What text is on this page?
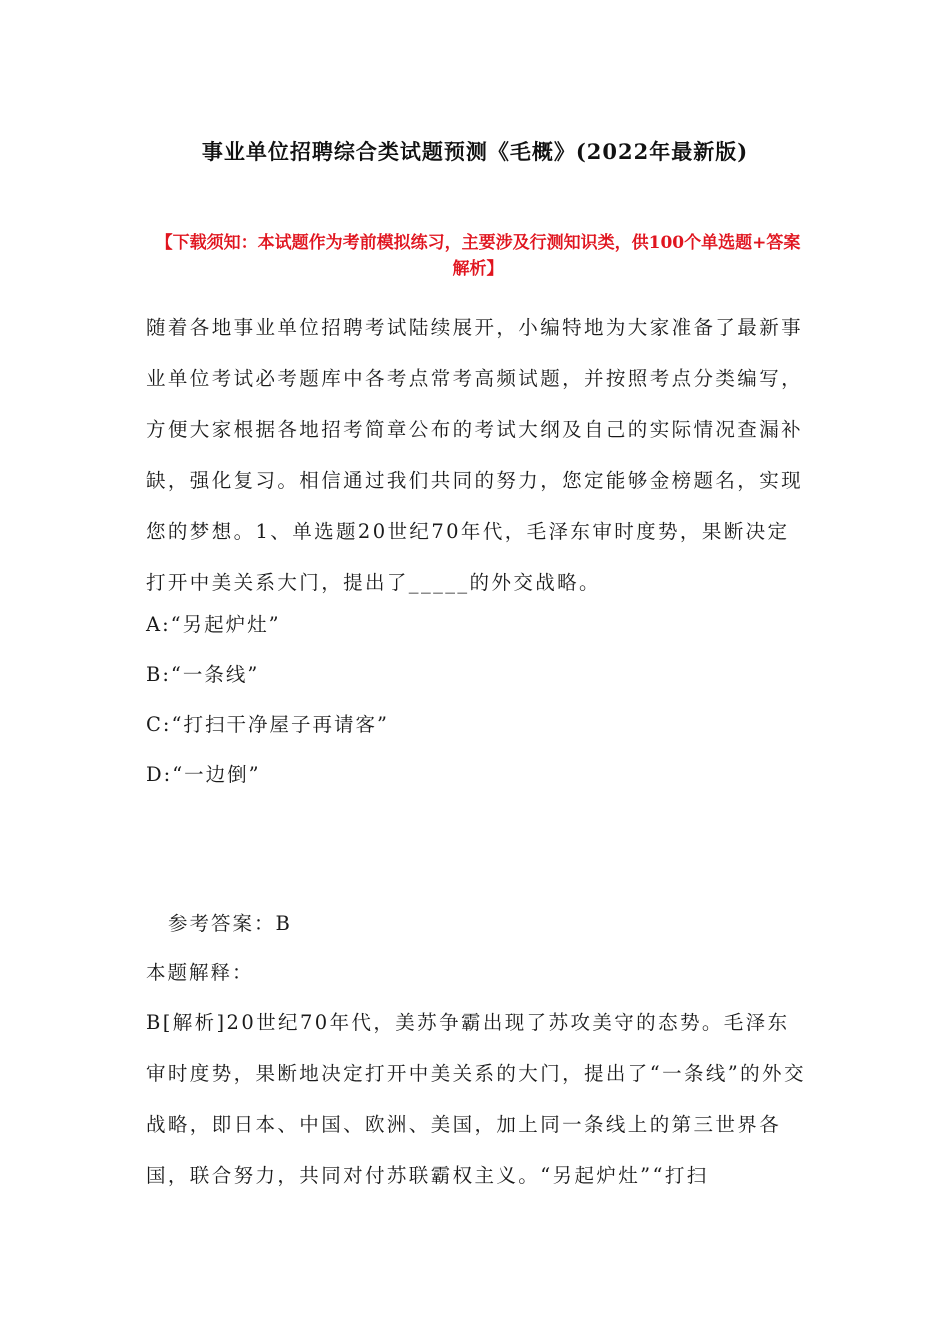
事业单位招聘综合类试题预测《毛概》(2022年最新版)
【下载须知：本试题作为考前模拟练习，主要涉及行测知识类，供100个单选题+答案解析】
随着各地事业单位招聘考试陆续展开，小编特地为大家准备了最新事业单位考试必考题库中各考点常考高频试题，并按照考点分类编写，方便大家根据各地招考简章公布的考试大纲及自己的实际情况查漏补缺，强化复习。相信通过我们共同的努力，您定能够金榜题名，实现您的梦想。1、单选题20世纪70年代，毛泽东审时度势，果断决定打开中美关系大门，提出了_____的外交战略。
A:“另起炉灶”
B:“一条线”
C:“打扫干净屋子再请客”
D:“一边倒”
参考答案：B
本题解释：
B[解析]20世纪70年代，美苏争霸出现了苏攻美守的态势。毛泽东审时度势，果断地决定打开中美关系的大门，提出了“一条线”的外交战略，即日本、中国、欧洲、美国，加上同一条线上的第三世界各国，联合努力，共同对付苏联霸权主义。“另起炉灶”“打扫
